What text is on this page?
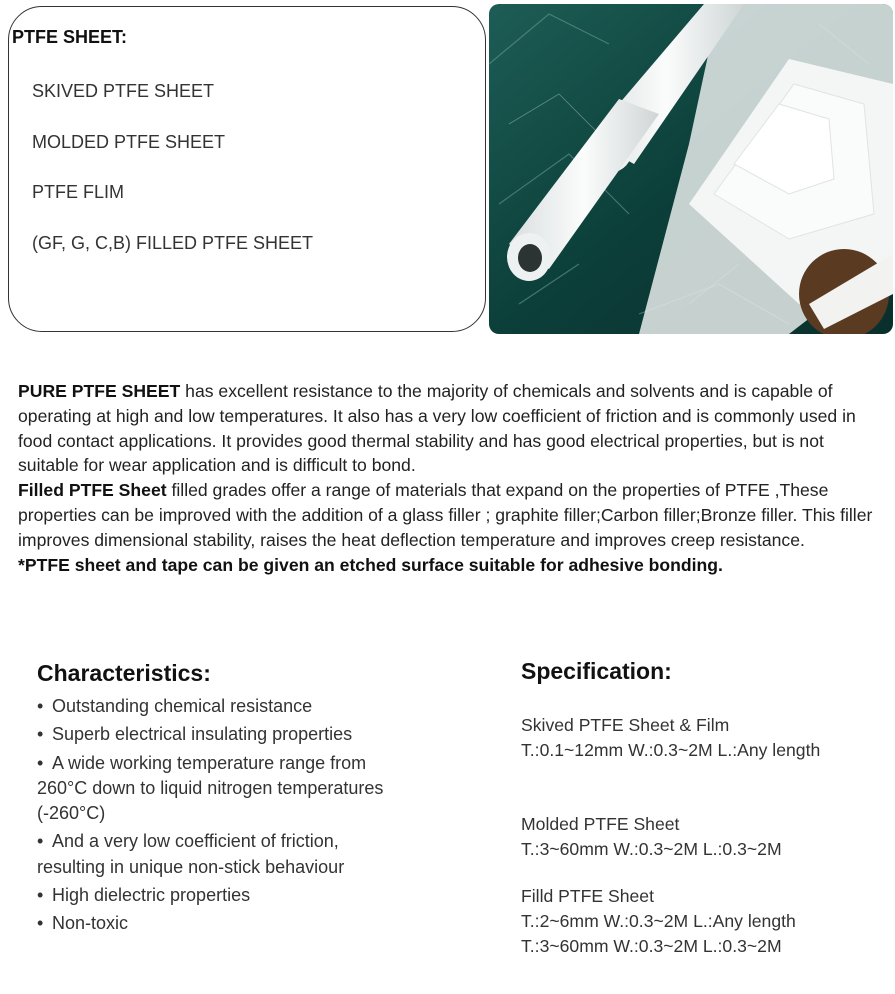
PTFE SHEET:
SKIVED PTFE SHEET
MOLDED PTFE SHEET
PTFE FLIM
(GF, G, C,B) FILLED PTFE SHEET

PURE PTFE SHEET has excellent resistance to the majority of chemicals and solvents and is capable of operating at high and low temperatures. It also has a very low coefficient of friction and is commonly used in food contact applications. It provides good thermal stability and has good electrical properties, but is not suitable for wear application and is difficult to bond.

Filled PTFE Sheet filled grades offer a range of materials that expand on the properties of PTFE ,These properties can be improved with the addition of a glass filler ; graphite filler;Carbon filler;Bronze filler. This filler improves dimensional stability, raises the heat deflection temperature and improves creep resistance.

*PTFE sheet and tape can be given an etched surface suitable for adhesive bonding.

Characteristics:
• Outstanding chemical resistance
• Superb electrical insulating properties
• A wide working temperature range from 260°C down to liquid nitrogen temperatures (-260°C)
• And a very low coefficient of friction, resulting in unique non-stick behaviour
• High dielectric properties
• Non-toxic
Specification:

Skived PTFE Sheet & Film

T.:0.1~12mm W.:0.3~2M L.:Any length

Molded PTFE Sheet

T.:3~60mm W.:0.3~2M L.:0.3~2M

Filld PTFE Sheet

T.:2~6mm W.:0.3~2M L.:Any length T.:3~60mm W.:0.3~2M L.:0.3~2M
